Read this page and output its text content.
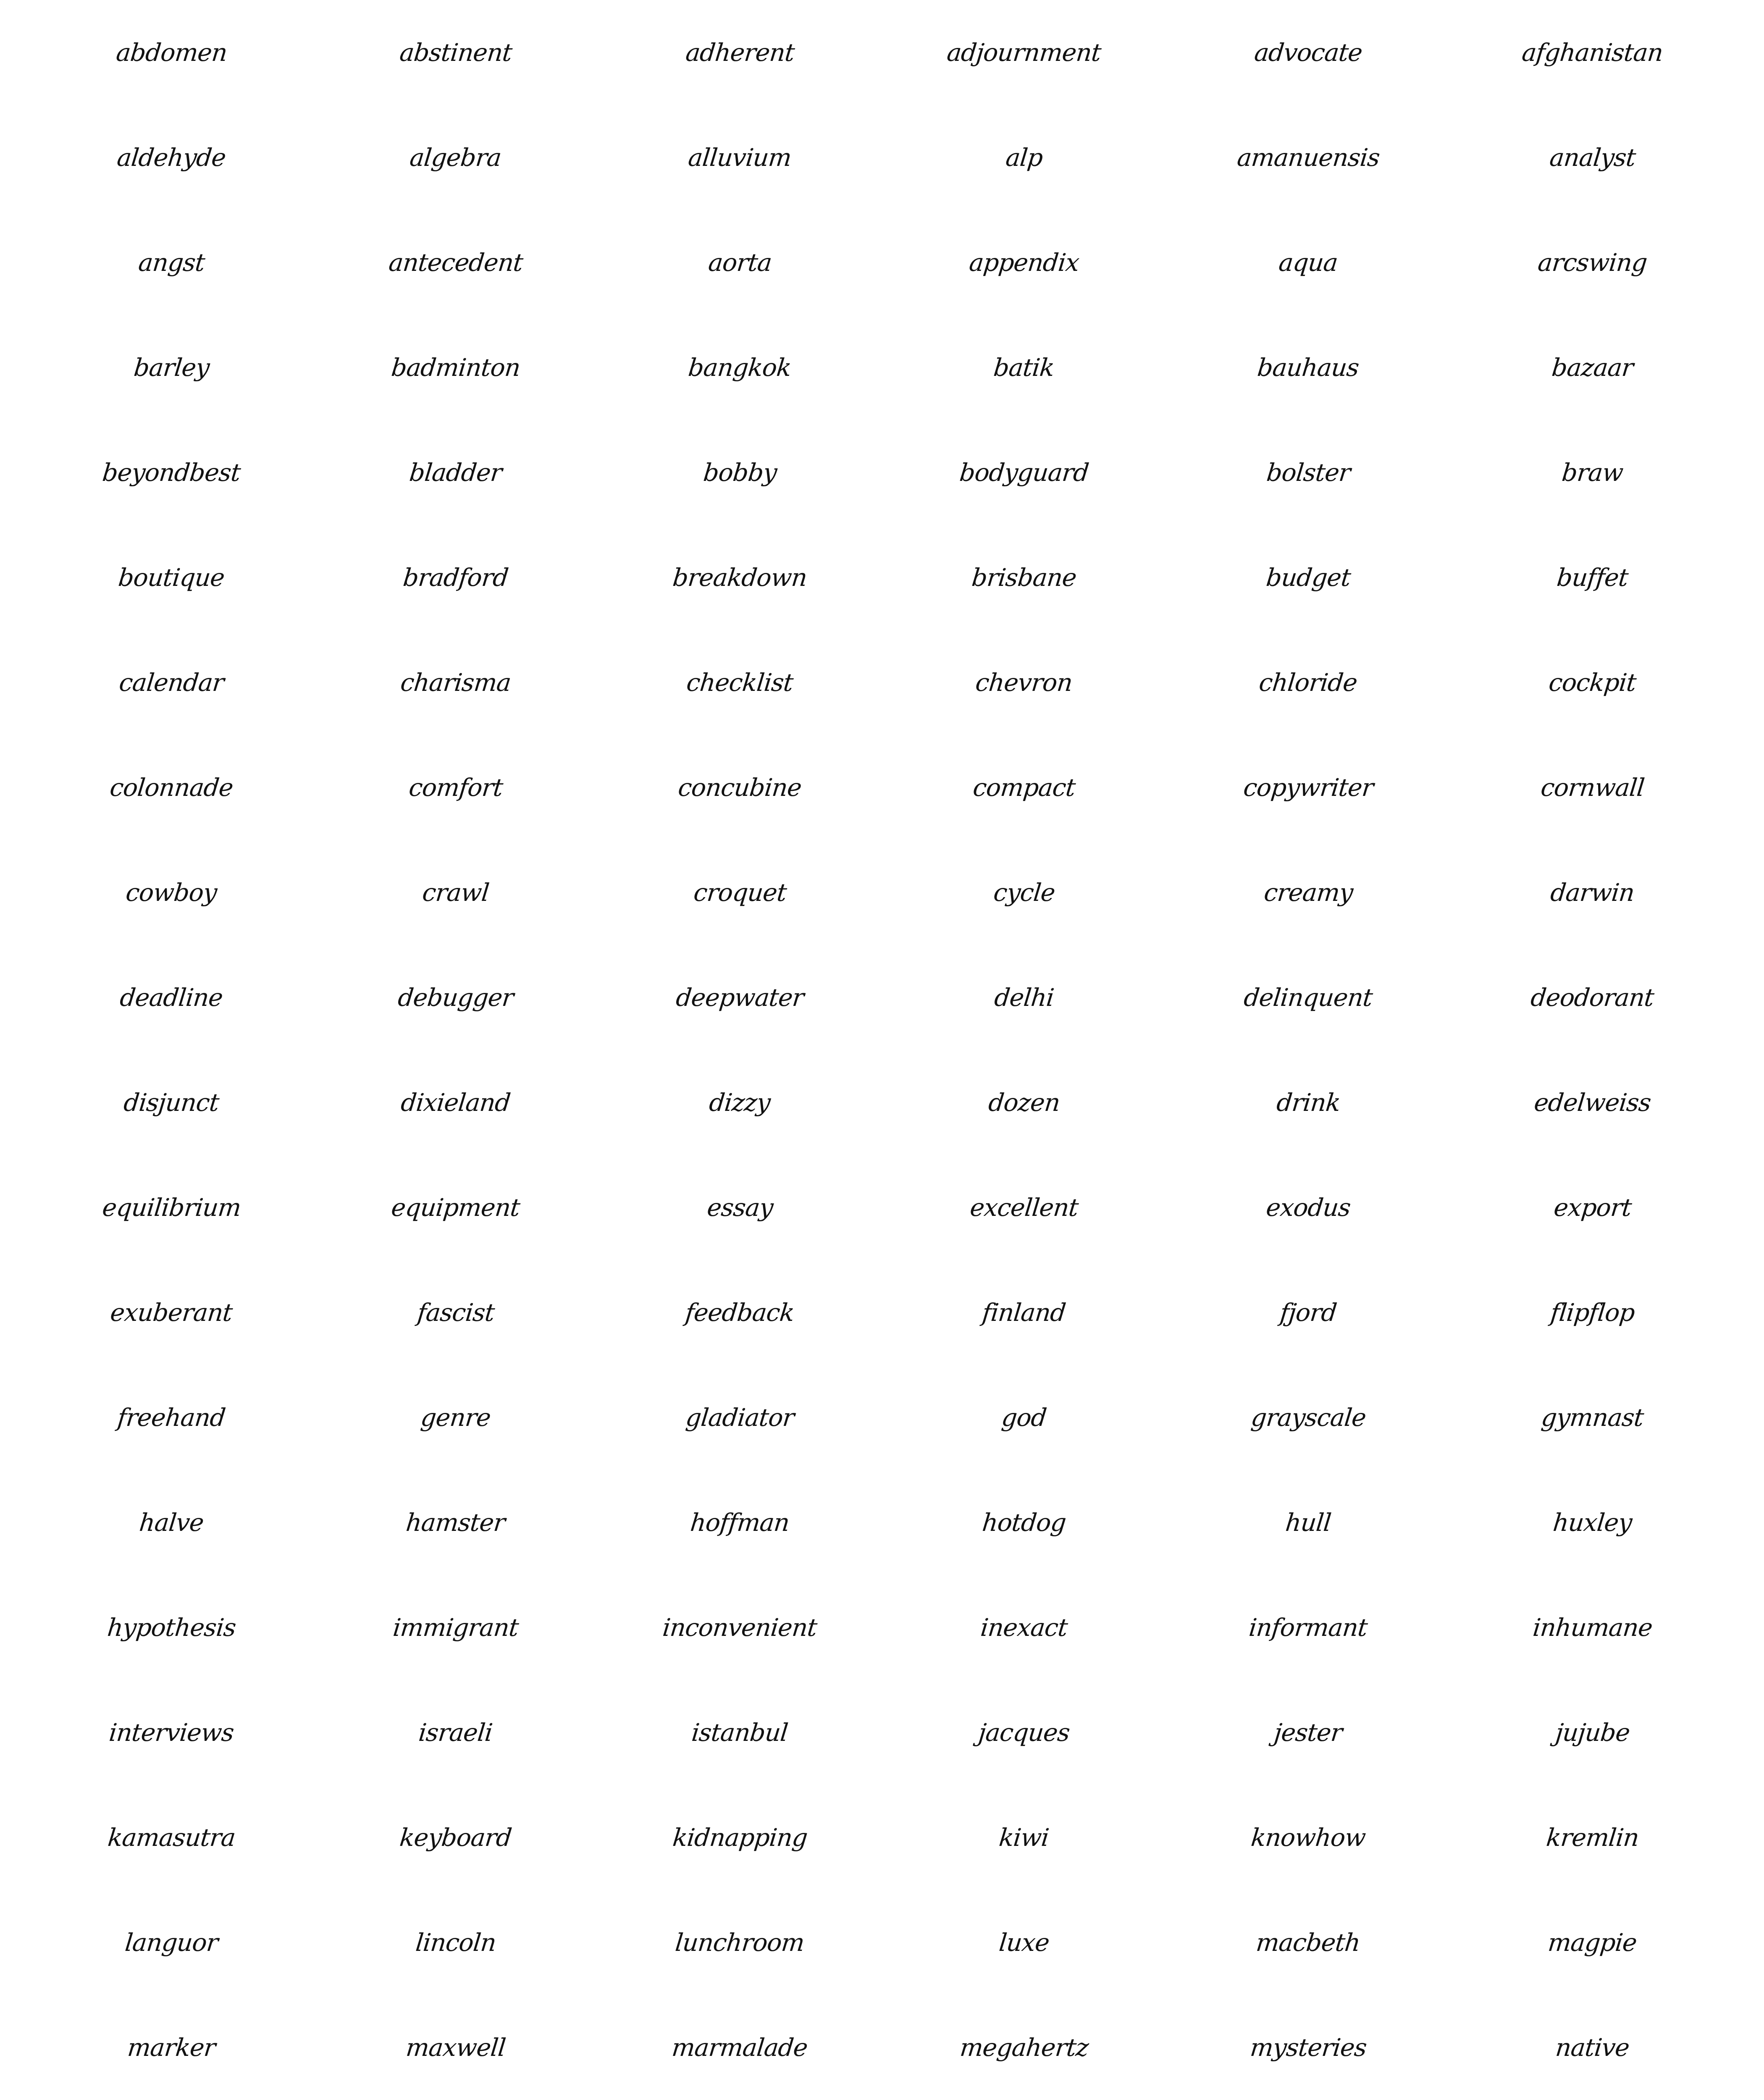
abdomen	abstinent	adherent	adjournment	advocate	afghanistan
aldehyde	algebra	alluvium	alp	amanuensis	analyst
angst	antecedent	aorta	appendix	aqua	arcswing
barley	badminton	bangkok	batik	bauhaus	bazaar
beyondbest	bladder	bobby	bodyguard	bolster	braw
boutique	bradford	breakdown	brisbane	budget	buffet
calendar	charisma	checklist	chevron	chloride	cockpit
colonnade	comfort	concubine	compact	copywriter	cornwall
cowboy	crawl	croquet	cycle	creamy	darwin
deadline	debugger	deepwater	delhi	delinquent	deodorant
disjunct	dixieland	dizzy	dozen	drink	edelweiss
equilibrium	equipment	essay	excellent	exodus	export
exuberant	fascist	feedback	finland	fjord	flipflop
freehand	genre	gladiator	god	grayscale	gymnast
halve	hamster	hoffman	hotdog	hull	huxley
hypothesis	immigrant	inconvenient	inexact	informant	inhumane
interviews	israeli	istanbul	jacques	jester	jujube
kamasutra	keyboard	kidnapping	kiwi	knowhow	kremlin
languor	lincoln	lunchroom	luxe	macbeth	magpie
marker	maxwell	marmalade	megahertz	mysteries	native
